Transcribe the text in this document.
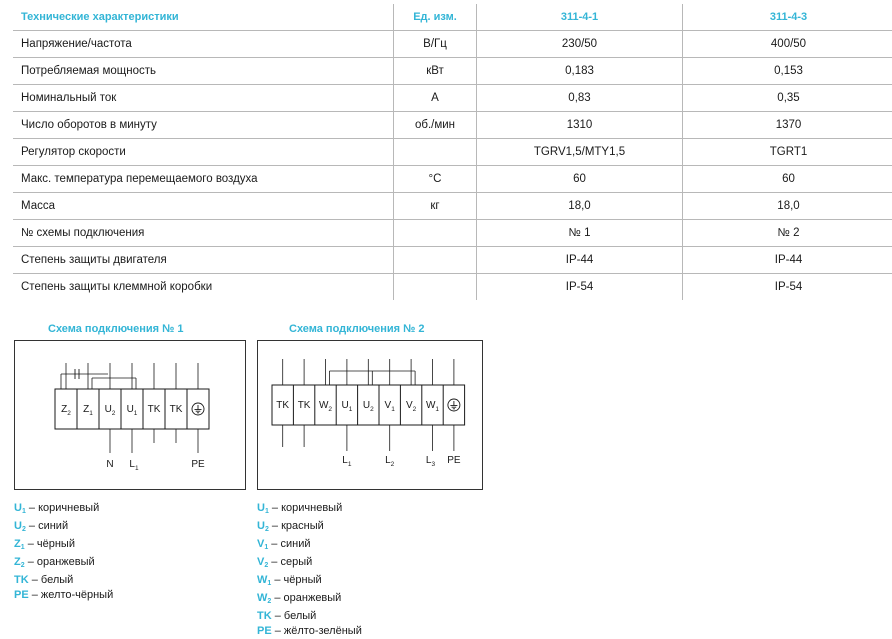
Технические характеристики	Ед. изм.	311-4-1	311-4-3
Напряжение/частота	В/Гц	230/50	400/50
Потребляемая мощность	кВт	0,183	0,153
Номинальный ток	А	0,83	0,35
Число оборотов в минуту	об./мин	1310	1370
Регулятор скорости		TGRV1,5/MTY1,5	TGRT1
Макс. температура перемещаемого воздуха	°С	60	60
Масса	кг	18,0	18,0
№ схемы подключения		№ 1	№ 2
Степень защиты двигателя		IP-44	IP-44
Степень защиты клеммной коробки		IP-54	IP-54
Схема подключения № 1
N $L_1$	PE
$Z_2$ $Z_1$ $U_2$ $U_1$ TK TK
Схема подключения № 2
$L_1$	$L_2$	$L_3$ PE
TK TK $W_2$ $U_1$ $U_2$ $V_1$ $V_2$ $W_1$
$U_1$ – коричневый
$U_2$ – синий
$Z_1$ – чёрный
$Z_2$ – оранжевый
TK – белый
PE – желто-чёрный
$U_1$ – коричневый
$U_2$ – красный
$V_1$ – синий
$V_2$ – серый
$W_1$ – чёрный
$W_2$ – оранжевый
TK – белый
PE – жёлто-зелёный
